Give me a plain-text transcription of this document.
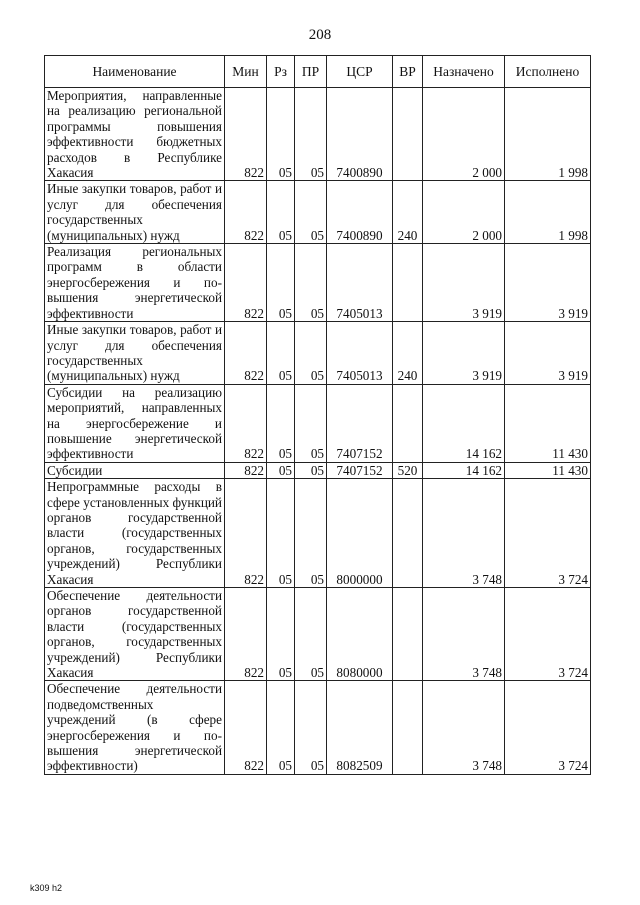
208
Наименование	Мин	Рз	ПР	ЦСР	ВР	Назначено	Исполнено
Мероприятия, направленные на реализацию региональной программы повышения эффективности бюджетных расходов в Республике Хакасия	822	05	05	7400890		2 000	1 998
Иные закупки товаров, работ и услуг для обеспечения государственных (муниципальных) нужд	822	05	05	7400890	240	2 000	1 998
Реализация региональных программ в области энергосбережения и повышения энергетической эффективности	822	05	05	7405013		3 919	3 919
Иные закупки товаров, работ и услуг для обеспечения государственных (муниципальных) нужд	822	05	05	7405013	240	3 919	3 919
Субсидии на реализацию мероприятий, направленных на энергосбережение и повышение энергетической эффективности	822	05	05	7407152		14 162	11 430
Субсидии	822	05	05	7407152	520	14 162	11 430
Непрограммные расходы в сфере установленных функций органов государственной власти (государственных органов, государственных учреждений) Республики Хакасия	822	05	05	8000000		3 748	3 724
Обеспечение деятельности органов государственной власти (государственных органов, государственных учреждений) Республики Хакасия	822	05	05	8080000		3 748	3 724
Обеспечение деятельности подведомственных учреждений (в сфере энергосбережения и повышения энергетической эффективности)	822	05	05	8082509		3 748	3 724
k309 h2
